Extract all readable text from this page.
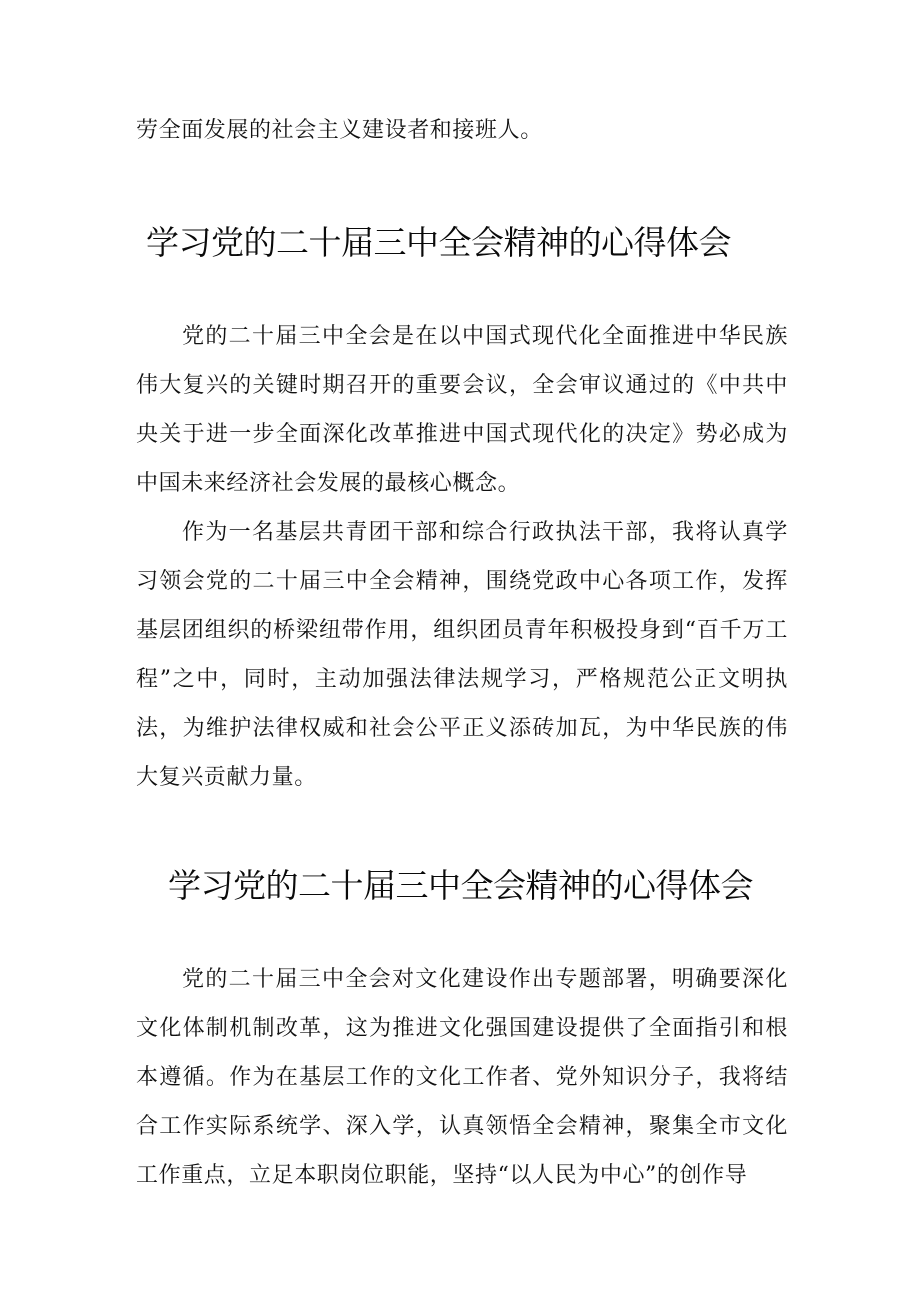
劳全面发展的社会主义建设者和接班人。

学习党的二十届三中全会精神的心得体会

党的二十届三中全会是在以中国式现代化全面推进中华民族伟大复兴的关键时期召开的重要会议，全会审议通过的《中共中央关于进一步全面深化改革推进中国式现代化的决定》势必成为中国未来经济社会发展的最核心概念。

作为一名基层共青团干部和综合行政执法干部，我将认真学习领会党的二十届三中全会精神，围绕党政中心各项工作，发挥基层团组织的桥梁纽带作用，组织团员青年积极投身到“百千万工程”之中，同时，主动加强法律法规学习，严格规范公正文明执法，为维护法律权威和社会公平正义添砖加瓦，为中华民族的伟大复兴贡献力量。

学习党的二十届三中全会精神的心得体会

党的二十届三中全会对文化建设作出专题部署，明确要深化文化体制机制改革，这为推进文化强国建设提供了全面指引和根本遵循。作为在基层工作的文化工作者、党外知识分子，我将结合工作实际系统学、深入学，认真领悟全会精神，聚集全市文化工作重点，立足本职岗位职能，坚持“以人民为中心”的创作导
